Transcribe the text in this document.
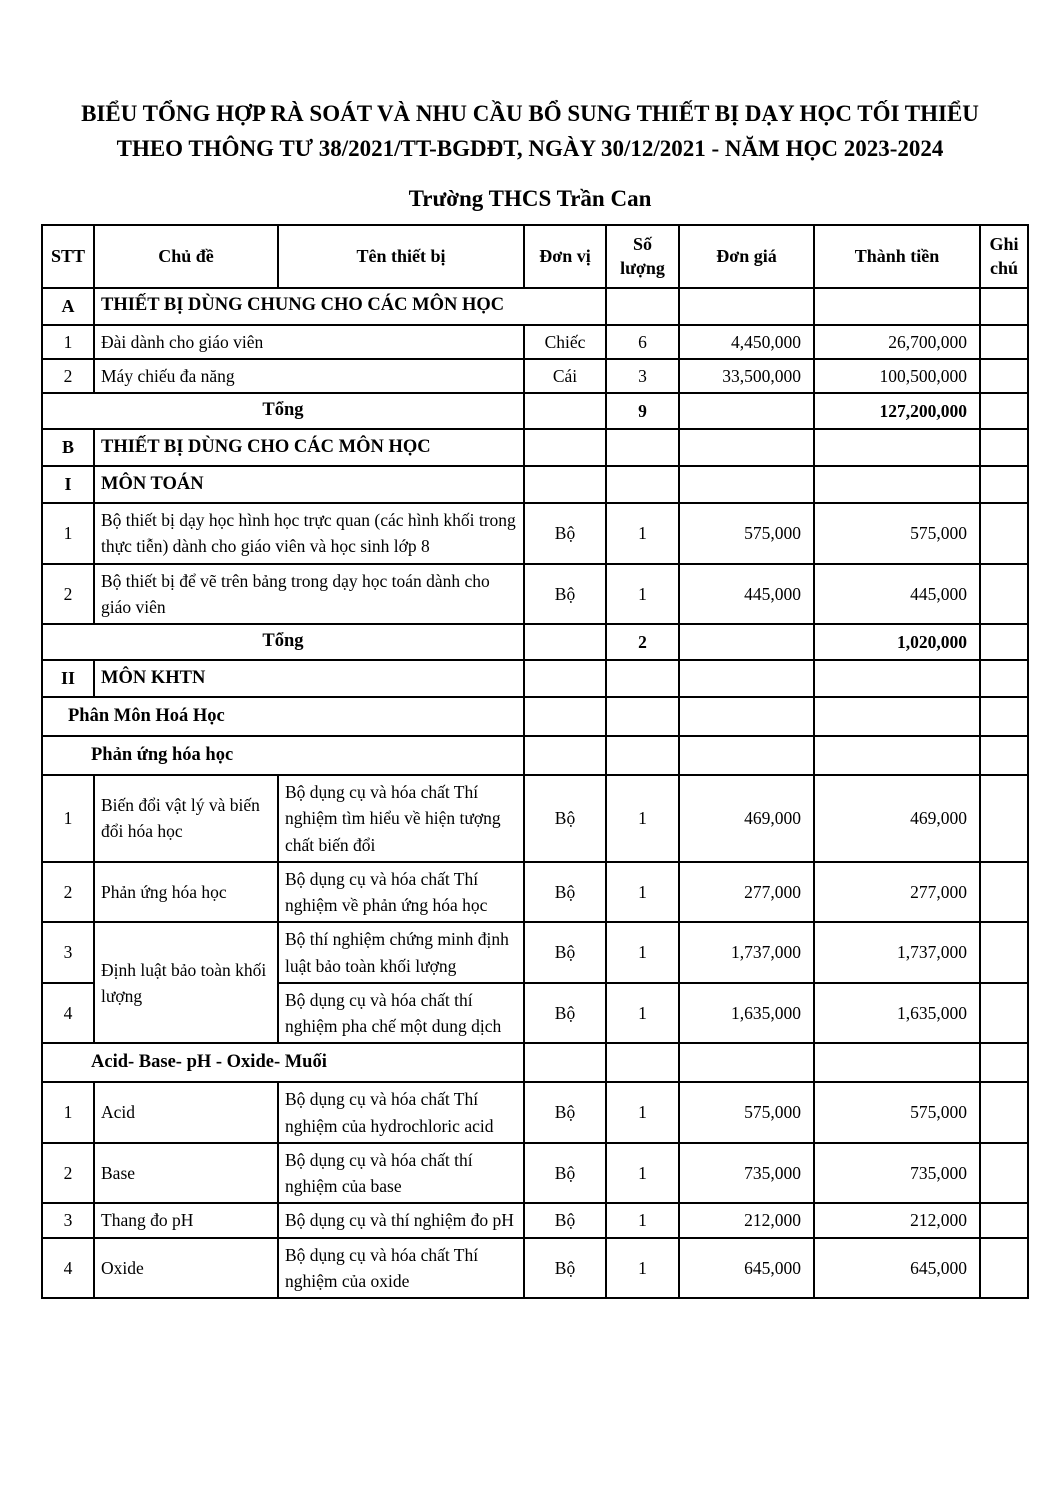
BIỂU TỔNG HỢP RÀ SOÁT VÀ NHU CẦU BỔ SUNG THIẾT BỊ DẠY HỌC TỐI THIỂU
THEO THÔNG TƯ 38/2021/TT-BGDĐT, NGÀY 30/12/2021 - NĂM HỌC 2023-2024
Trường THCS Trần Can
STT	Chủ đề	Tên thiết bị	Đơn vị	Số lượng	Đơn giá	Thành tiền	Ghi chú
A	THIẾT BỊ DÙNG CHUNG CHO CÁC MÔN HỌC						
1	Đài dành cho giáo viên		Chiếc	6	4,450,000	26,700,000	
2	Máy chiếu đa năng		Cái	3	33,500,000	100,500,000	
Tổng				9		127,200,000	
B	THIẾT BỊ DÙNG CHO CÁC MÔN HỌC						
I	MÔN TOÁN						
1	Bộ thiết bị dạy học hình học trực quan (các hình khối trong thực tiễn) dành cho giáo viên và học sinh lớp 8		Bộ	1	575,000	575,000	
2	Bộ thiết bị để vẽ trên bảng trong dạy học toán dành cho giáo viên		Bộ	1	445,000	445,000	
Tổng				2		1,020,000	
II	MÔN KHTN						
Phân Môn Hoá Học							
Phản ứng hóa học							
1	Biến đổi vật lý và biến đổi hóa học	Bộ dụng cụ và hóa chất Thí nghiệm tìm hiểu về hiện tượng chất biến đổi	Bộ	1	469,000	469,000	
2	Phản ứng hóa học	Bộ dụng cụ và hóa chất Thí nghiệm về phản ứng hóa học	Bộ	1	277,000	277,000	
3	Định luật bảo toàn khối lượng	Bộ thí nghiệm chứng minh định luật bảo toàn khối lượng	Bộ	1	1,737,000	1,737,000	
4		Bộ dụng cụ và hóa chất thí nghiệm pha chế một dung dịch	Bộ	1	1,635,000	1,635,000	
Acid- Base- pH - Oxide- Muối							
1	Acid	Bộ dụng cụ và hóa chất Thí nghiệm của hydrochloric acid	Bộ	1	575,000	575,000	
2	Base	Bộ dụng cụ và hóa chất thí nghiệm của base	Bộ	1	735,000	735,000	
3	Thang đo pH	Bộ dụng cụ và thí nghiệm đo pH	Bộ	1	212,000	212,000	
4	Oxide	Bộ dụng cụ và hóa chất Thí nghiệm của oxide	Bộ	1	645,000	645,000	
